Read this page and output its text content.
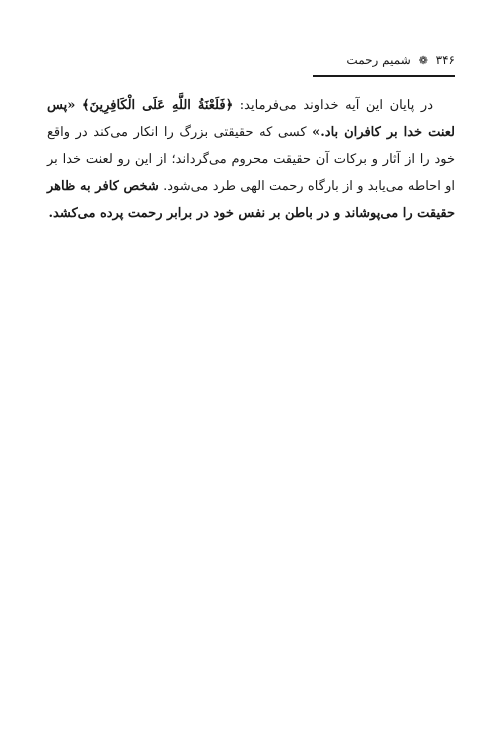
۳۴۶ ❁ شمیم رحمت

در پایان این آیه خداوند می‌فرماید: ﴿فَلَعْنَةُ اللَّهِ عَلَى الْكَافِرِينَ﴾ «پس لعنت خدا بر کافران باد.» کسی که حقیقتی بزرگ را انکار می‌کند در واقع خود را از آثار و برکات آن حقیقت محروم می‌گرداند؛ از این رو لعنت خدا بر او احاطه می‌یابد و از بارگاه رحمت الهی طرد می‌شود. شخص کافر به ظاهر حقیقت را می‌پوشاند و در باطن بر نفس خود در برابر رحمت پرده می‌کشد.
